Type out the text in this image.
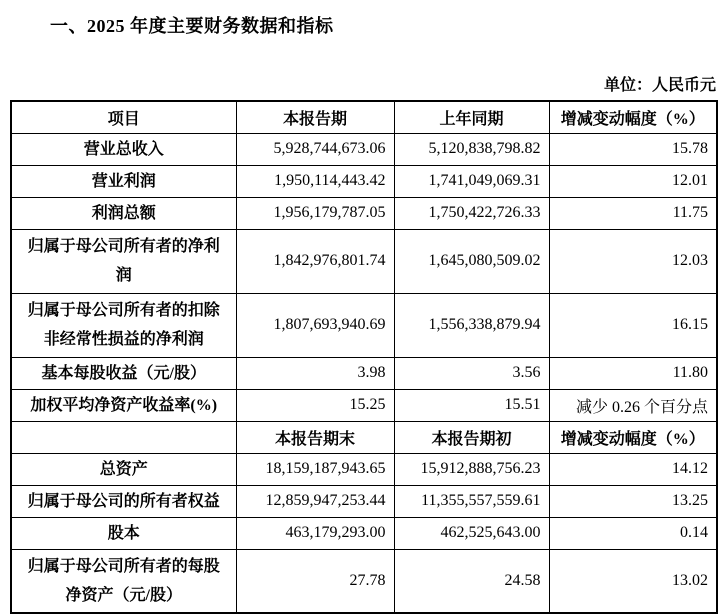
一、2025 年度主要财务数据和指标
单位：人民币元
项目	本报告期	上年同期	增减变动幅度（%）
营业总收入	5,928,744,673.06	5,120,838,798.82	15.78
营业利润	1,950,114,443.42	1,741,049,069.31	12.01
利润总额	1,956,179,787.05	1,750,422,726.33	11.75
归属于母公司所有者的净利润	1,842,976,801.74	1,645,080,509.02	12.03
归属于母公司所有者的扣除非经常性损益的净利润	1,807,693,940.69	1,556,338,879.94	16.15
基本每股收益（元/股）	3.98	3.56	11.80
加权平均净资产收益率(%)	15.25	15.51	减少 0.26 个百分点
	本报告期末	本报告期初	增减变动幅度（%）
总资产	18,159,187,943.65	15,912,888,756.23	14.12
归属于母公司的所有者权益	12,859,947,253.44	11,355,557,559.61	13.25
股本	463,179,293.00	462,525,643.00	0.14
归属于母公司所有者的每股净资产（元/股）	27.78	24.58	13.02
